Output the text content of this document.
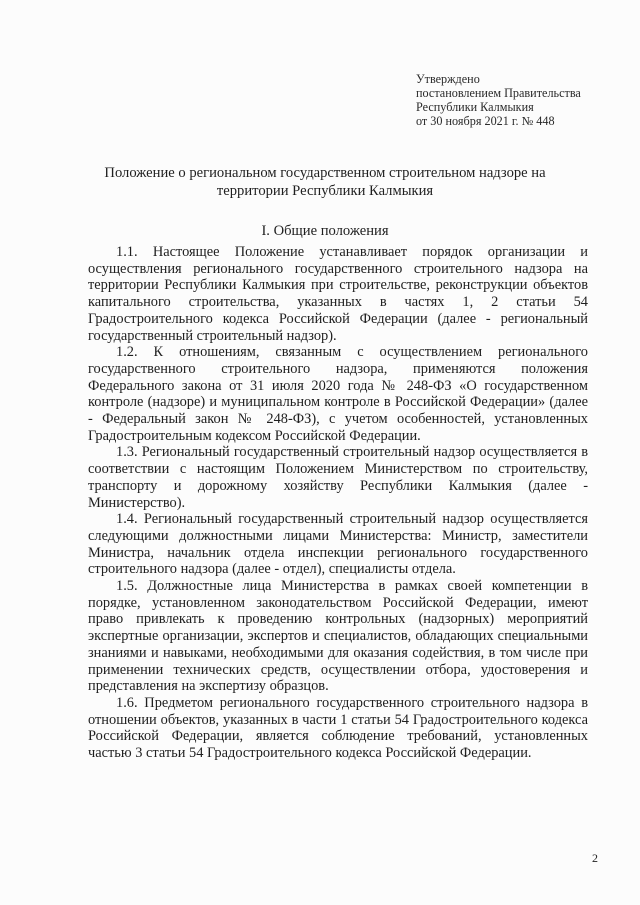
Утверждено
постановлением Правительства
Республики Калмыкия
от 30 ноября 2021 г. № 448
Положение о региональном государственном строительном надзоре на
территории Республики Калмыкия
I. Общие положения

1.1. Настоящее Положение устанавливает порядок организации и осуществления регионального государственного строительного надзора на территории Республики Калмыкия при строительстве, реконструкции объектов капитального строительства, указанных в частях 1, 2 статьи 54 Градостроительного кодекса Российской Федерации (далее - региональный государственный строительный надзор).

1.2. К отношениям, связанным с осуществлением регионального государственного строительного надзора, применяются положения Федерального закона от 31 июля 2020 года № 248-ФЗ «О государственном контроле (надзоре) и муниципальном контроле в Российской Федерации» (далее - Федеральный закон № 248-ФЗ), с учетом особенностей, установленных Градостроительным кодексом Российской Федерации.

1.3. Региональный государственный строительный надзор осуществляется в соответствии с настоящим Положением Министерством по строительству, транспорту и дорожному хозяйству Республики Калмыкия (далее - Министерство).

1.4. Региональный государственный строительный надзор осуществляется следующими должностными лицами Министерства: Министр, заместители Министра, начальник отдела инспекции регионального государственного строительного надзора (далее - отдел), специалисты отдела.

1.5. Должностные лица Министерства в рамках своей компетенции в порядке, установленном законодательством Российской Федерации, имеют право привлекать к проведению контрольных (надзорных) мероприятий экспертные организации, экспертов и специалистов, обладающих специальными знаниями и навыками, необходимыми для оказания содействия, в том числе при применении технических средств, осуществлении отбора, удостоверения и представления на экспертизу образцов.

1.6. Предметом регионального государственного строительного надзора в отношении объектов, указанных в части 1 статьи 54 Градостроительного кодекса Российской Федерации, является соблюдение требований, установленных частью 3 статьи 54 Градостроительного кодекса Российской Федерации.

2
